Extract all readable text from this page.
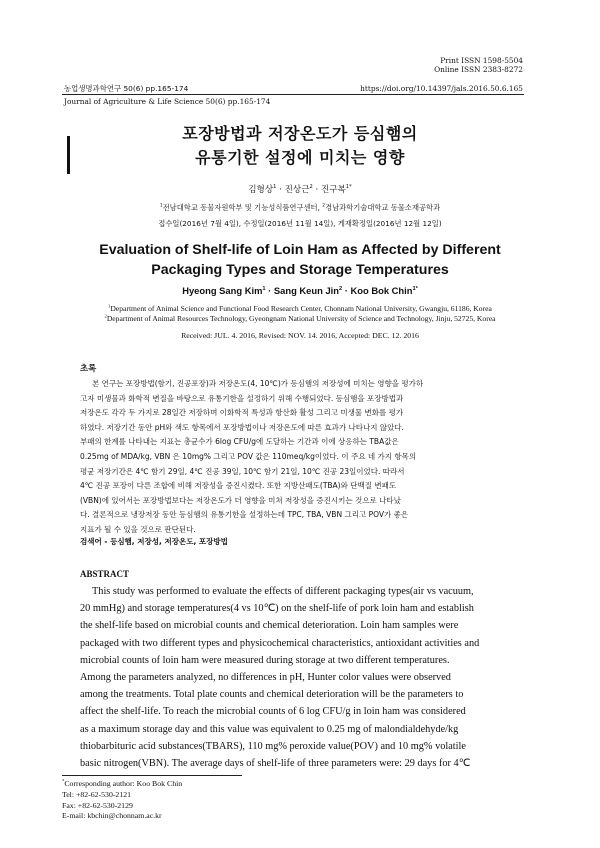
Print ISSN 1598-5504
Online ISSN 2383-8272
농업생명과학연구 50(6) pp.165-174	https://doi.org/10.14397/jals.2016.50.6.165
Journal of Agriculture & Life Science 50(6) pp.165-174
포장방법과 저장온도가 등심햄의
유통기한 설정에 미치는 영향
김형상$^1$ · 진상근$^2$ · 진구복$^{1*}$
$^1$전남대학교 동물자원학부 및 기능성식품연구센터, $^2$경남과학기술대학교 동물소재공학과
접수일(2016년 7월 4일), 수정일(2016년 11월 14일), 게재확정일(2016년 12월 12일)
Evaluation of Shelf-life of Loin Ham as Affected by Different
Packaging Types and Storage Temperatures
Hyeong Sang Kim$^1$ · Sang Keun Jin$^2$ · Koo Bok Chin$^{1*}$
$^1$Department of Animal Science and Functional Food Research Center, Chonnam National University, Gwangju, 61186, Korea
$^2$Department of Animal Resources Technology, Gyeongnam National University of Science and Technology, Jinju, 52725, Korea
Received: JUL. 4. 2016, Revised: NOV. 14. 2016, Accepted: DEC. 12. 2016
초록
본 연구는 포장방법(함기, 진공포장)과 저장온도(4, 10℃)가 등심햄의 저장성에 미치는 영향을 평가하
고자 미생물과 화학적 변질을 바탕으로 유통기한을 설정하기 위해 수행되었다. 등심햄을 포장방법과
저장온도 각각 두 가지로 28일간 저장하며 이화학적 특성과 항산화 활성 그리고 미생물 변화를 평가
하였다. 저장기간 동안 pH와 색도 항목에서 포장방법이나 저장온도에 따른 효과가 나타나지 않았다.
부패의 한계를 나타내는 지표는 총균수가 6log CFU/g에 도달하는 기간과 이에 상응하는 TBA값은
0.25mg of MDA/kg, VBN 은 10mg% 그리고 POV 값은 110meq/kg이었다. 이 주요 네 가지 항목의
평균 저장기간은 4℃ 함기 29일, 4℃ 진공 39일, 10℃ 함기 21일, 10℃ 진공 23일이었다. 따라서
4℃ 진공 포장이 다른 조합에 비해 저장성을 증진시켰다. 또한 지방산패도(TBA)와 단백질 변패도
(VBN)에 있어서는 포장방법보다는 저장온도가 더 영향을 미쳐 저장성을 증진시키는 것으로 나타났
다. 결론적으로 냉장저장 동안 등심햄의 유통기한을 설정하는데 TPC, TBA, VBN 그리고 POV가 좋은
지표가 될 수 있을 것으로 판단된다.
검색어 - 등심햄, 저장성, 저장온도, 포장방법
ABSTRACT
This study was performed to evaluate the effects of different packaging types(air vs vacuum,
20 mmHg) and storage temperatures(4 vs 10℃) on the shelf-life of pork loin ham and establish
the shelf-life based on microbial counts and chemical deterioration. Loin ham samples were
packaged with two different types and physicochemical characteristics, antioxidant activities and
microbial counts of loin ham were measured during storage at two different temperatures.
Among the parameters analyzed, no differences in pH, Hunter color values were observed
among the treatments. Total plate counts and chemical deterioration will be the parameters to
affect the shelf-life. To reach the microbial counts of 6 log CFU/g in loin ham was considered
as a maximum storage day and this value was equivalent to 0.25 mg of malondialdehyde/kg
thiobarbituric acid substances(TBARS), 110 mg% peroxide value(POV) and 10 mg% volatile
basic nitrogen(VBN). The average days of shelf-life of three parameters were: 29 days for 4℃
*Corresponding author: Koo Bok Chin
Tel: +82-62-530-2121
Fax: +82-62-530-2129
E-mail: kbchin@chonnam.ac.kr
